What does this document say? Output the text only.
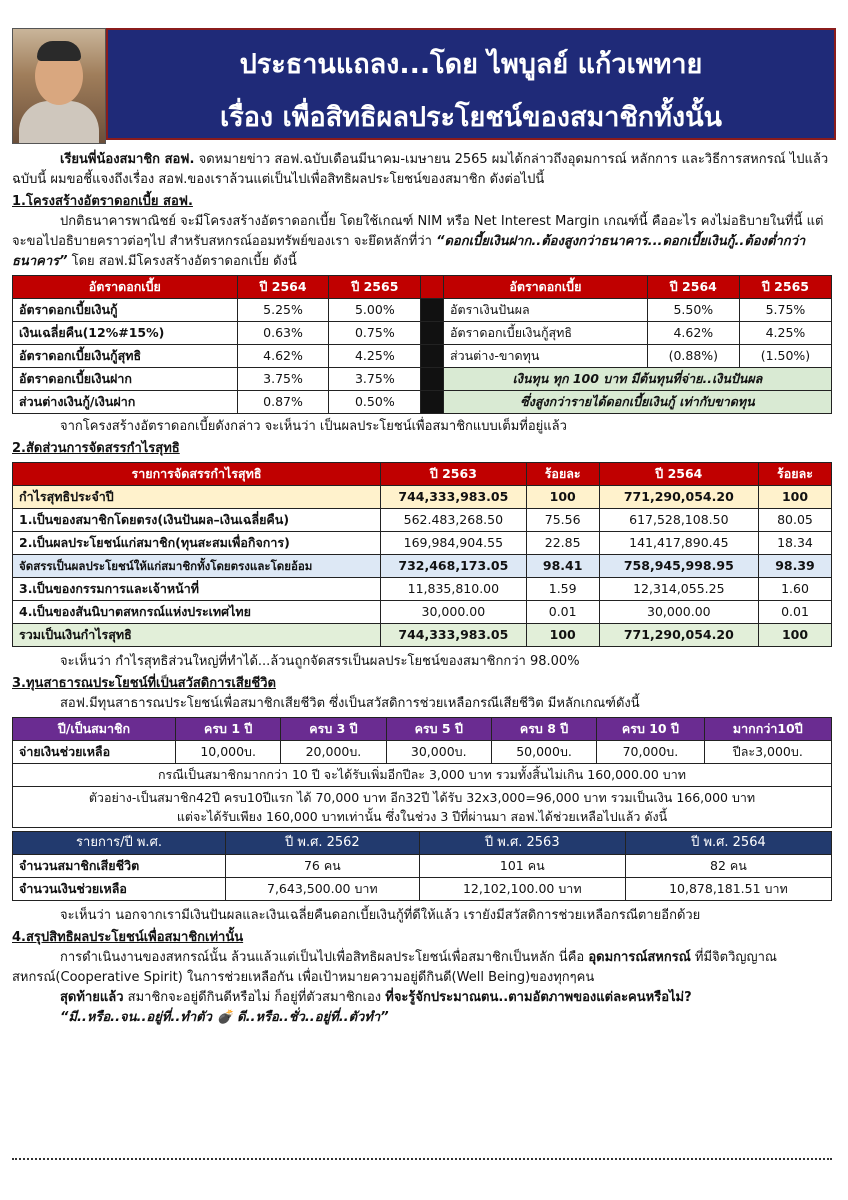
ประธานแถลง...โดย ไพบูลย์ แก้วเพทาย
เรื่อง เพื่อสิทธิผลประโยชน์ของสมาชิกทั้งนั้น

เรียนพี่น้องสมาชิก สอฟ. จดหมายข่าว สอฟ.ฉบับเดือนมีนาคม-เมษายน 2565 ผมได้กล่าวถึงอุดมการณ์ หลักการ และวิธีการสหกรณ์ ไปแล้ว ฉบับนี้ ผมขอชี้แจงถึงเรื่อง สอฟ.ของเราล้วนแต่เป็นไปเพื่อสิทธิผลประโยชน์ของสมาชิก ดังต่อไปนี้

1.โครงสร้างอัตราดอกเบี้ย สอฟ.

ปกติธนาคารพาณิชย์ จะมีโครงสร้างอัตราดอกเบี้ย โดยใช้เกณฑ์ NIM หรือ Net Interest Margin เกณฑ์นี้ คืออะไร คงไม่อธิบายในที่นี้ แต่จะขอไปอธิบายคราวต่อๆไป สำหรับสหกรณ์ออมทรัพย์ของเรา จะยึดหลักที่ว่า “ดอกเบี้ยเงินฝาก..ต้องสูงกว่าธนาคาร...ดอกเบี้ยเงินกู้..ต้องต่ำกว่าธนาคาร” โดย สอฟ.มีโครงสร้างอัตราดอกเบี้ย ดังนี้

อัตราดอกเบี้ย	ปี 2564	ปี 2565		อัตราดอกเบี้ย	ปี 2564	ปี 2565
อัตราดอกเบี้ยเงินกู้	5.25%	5.00%		อัตราเงินปันผล	5.50%	5.75%
เงินเฉลี่ยคืน(12%#15%)	0.63%	0.75%		อัตราดอกเบี้ยเงินกู้สุทธิ	4.62%	4.25%
อัตราดอกเบี้ยเงินกู้สุทธิ	4.62%	4.25%		ส่วนต่าง-ขาดทุน	(0.88%)	(1.50%)
อัตราดอกเบี้ยเงินฝาก	3.75%	3.75%		เงินทุน ทุก 100 บาท มีต้นทุนที่จ่าย..เงินปันผล		
ส่วนต่างเงินกู้/เงินฝาก	0.87%	0.50%		ซึ่งสูงกว่ารายได้ดอกเบี้ยเงินกู้ เท่ากับขาดทุน		

จากโครงสร้างอัตราดอกเบี้ยดังกล่าว จะเห็นว่า เป็นผลประโยชน์เพื่อสมาชิกแบบเต็มที่อยู่แล้ว

2.สัดส่วนการจัดสรรกำไรสุทธิ

รายการจัดสรรกำไรสุทธิ	ปี 2563	ร้อยละ	ปี 2564	ร้อยละ
กำไรสุทธิประจำปี	744,333,983.05	100	771,290,054.20	100
1.เป็นของสมาชิกโดยตรง(เงินปันผล–เงินเฉลี่ยคืน)	562.483,268.50	75.56	617,528,108.50	80.05
2.เป็นผลประโยชน์แก่สมาชิก(ทุนสะสมเพื่อกิจการ)	169,984,904.55	22.85	141,417,890.45	18.34
จัดสรรเป็นผลประโยชน์ให้แก่สมาชิกทั้งโดยตรงและโดยอ้อม	732,468,173.05	98.41	758,945,998.95	98.39
3.เป็นของกรรมการและเจ้าหน้าที่	11,835,810.00	1.59	12,314,055.25	1.60
4.เป็นของสันนิบาตสหกรณ์แห่งประเทศไทย	30,000.00	0.01	30,000.00	0.01
รวมเป็นเงินกำไรสุทธิ	744,333,983.05	100	771,290,054.20	100

จะเห็นว่า กำไรสุทธิส่วนใหญ่ที่ทำได้...ล้วนถูกจัดสรรเป็นผลประโยชน์ของสมาชิกกว่า 98.00%

3.ทุนสาธารณประโยชน์ที่เป็นสวัสดิการเสียชีวิต

สอฟ.มีทุนสาธารณประโยชน์เพื่อสมาชิกเสียชีวิต ซึ่งเป็นสวัสดิการช่วยเหลือกรณีเสียชีวิต มีหลักเกณฑ์ดังนี้

ปี/เป็นสมาชิก	ครบ 1 ปี	ครบ 3 ปี	ครบ 5 ปี	ครบ 8 ปี	ครบ 10 ปี	มากกว่า10ปี
จ่ายเงินช่วยเหลือ	10,000บ.	20,000บ.	30,000บ.	50,000บ.	70,000บ.	ปีละ3,000บ.
กรณีเป็นสมาชิกมากกว่า 10 ปี จะได้รับเพิ่มอีกปีละ 3,000 บาท รวมทั้งสิ้นไม่เกิน 160,000.00 บาท						

ตัวอย่าง-เป็นสมาชิก42ปี ครบ10ปีแรก ได้ 70,000 บาท อีก32ปี ได้รับ 32x3,000=96,000 บาท รวมเป็นเงิน 166,000 บาท
แต่จะได้รับเพียง 160,000 บาทเท่านั้น ซึ่งในช่วง 3 ปีที่ผ่านมา สอฟ.ได้ช่วยเหลือไปแล้ว ดังนี้						
รายการ/ปี พ.ศ.	ปี พ.ศ. 2562	ปี พ.ศ. 2563	ปี พ.ศ. 2564
จำนวนสมาชิกเสียชีวิต	76 คน	101 คน	82 คน
จำนวนเงินช่วยเหลือ	7,643,500.00 บาท	12,102,100.00 บาท	10,878,181.51 บาท

จะเห็นว่า นอกจากเรามีเงินปันผลและเงินเฉลี่ยคืนดอกเบี้ยเงินกู้ที่ดีให้แล้ว เรายังมีสวัสดิการช่วยเหลือกรณีตายอีกด้วย

4.สรุปสิทธิผลประโยชน์เพื่อสมาชิกเท่านั้น

การดำเนินงานของสหกรณ์นั้น ล้วนแล้วแต่เป็นไปเพื่อสิทธิผลประโยชน์เพื่อสมาชิกเป็นหลัก นี่คือ อุดมการณ์สหกรณ์ ที่มีจิตวิญญาณสหกรณ์(Cooperative Spirit) ในการช่วยเหลือกัน เพื่อเป้าหมายความอยู่ดีกินดี(Well Being)ของทุกๆคน

สุดท้ายแล้ว สมาชิกจะอยู่ดีกินดีหรือไม่ ก็อยู่ที่ตัวสมาชิกเอง ที่จะรู้จักประมาณตน..ตามอัตภาพของแต่ละคนหรือไม่?

“มี..หรือ..จน..อยู่ที่..ทำตัว 💣 ดี..หรือ..ชั่ว..อยู่ที่..ตัวทำ”
